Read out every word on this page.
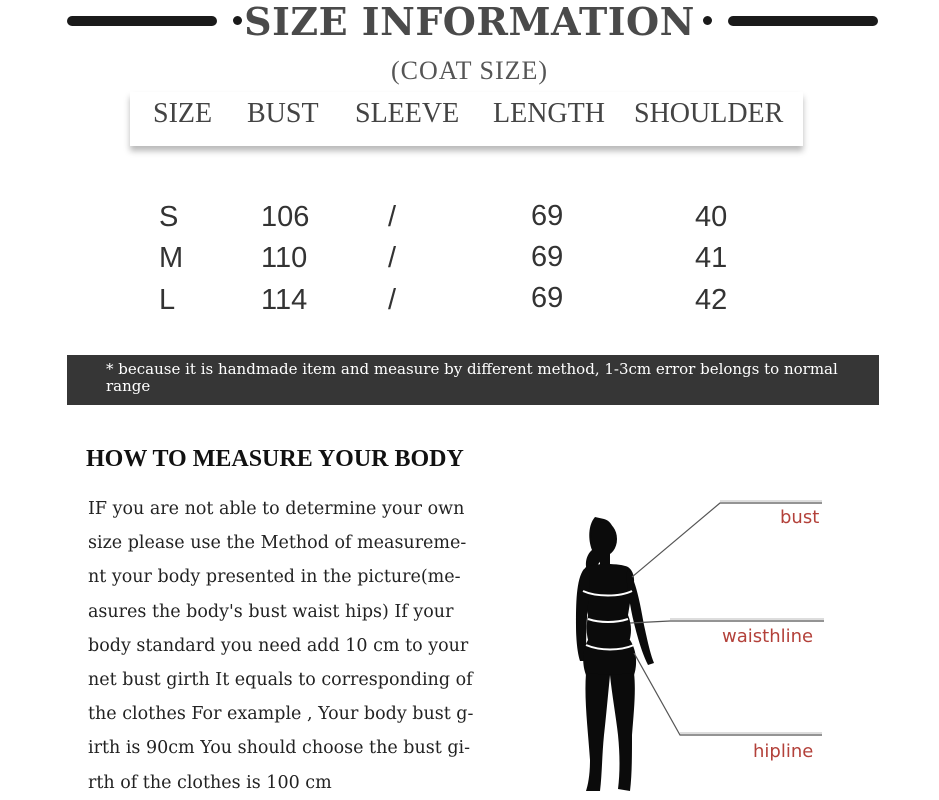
SIZE INFORMATION
(COAT SIZE)
SIZE BUST SLEEVE LENGTH SHOULDER
S	106	/	69	40
M	110	/	69	41
L	114	/	69	42
* because it is handmade item and measure by different method, 1-3cm error belongs to normal range
HOW TO MEASURE YOUR BODY
IF you are not able to determine your own
size please use the Method of measureme-
nt your body presented in the picture(me-
asures the body's bust waist hips) If your
body standard you need add 10 cm to your
net bust girth It equals to corresponding of
the clothes For example , Your body bust g-
irth is 90cm You should choose the bust gi-
rth of the clothes is 100 cm
bust
waisthline
hipline
